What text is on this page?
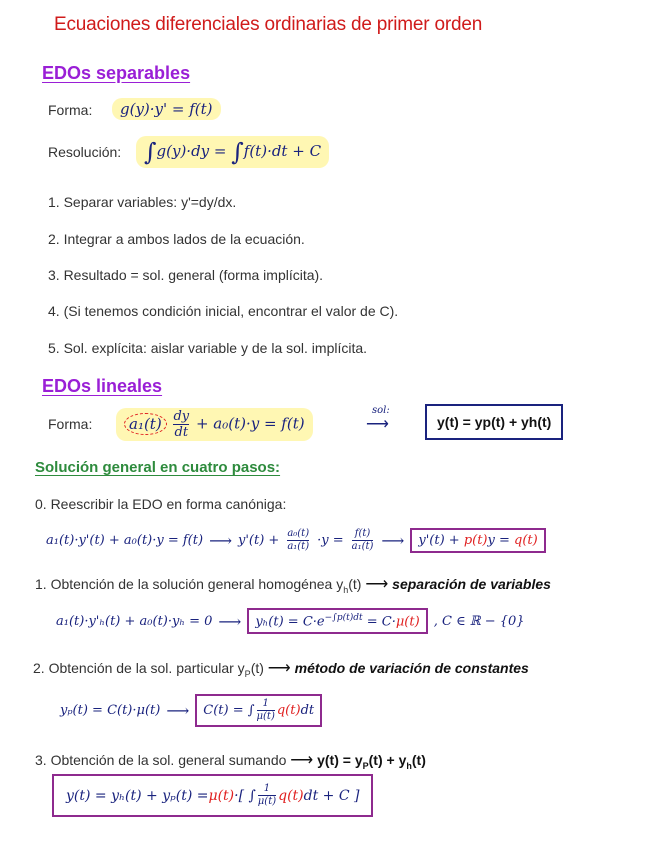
Ecuaciones diferenciales ordinarias de primer orden
EDOs separables
Forma:	g(y)·y' = f(t)
Resolución: ∫g(y)·dy = ∫f(t)·dt + C
1. Separar variables: y'=dy/dx.
2. Integrar a ambos lados de la ecuación.
3. Resultado = sol. general (forma implícita).
4. (Si tenemos condición inicial, encontrar el valor de C).
5. Sol. explícita: aislar variable y de la sol. implícita.
EDOs lineales
Forma:	$a_1(t) \frac{dy}{dt} + a_0(t)\cdot y = f(t)$
sol:
⟶	y(t) = yp(t) + yh(t)
Solución general en cuatro pasos:
0. Reescribir la EDO en forma canóniga:
a₁(t)·y'(t) + a₀(t)·y = f(t) ⟶ $y'(t) + \frac{\text{a₀(t)}}{\text{a₁(t)}} \cdot y = \frac{f(t)}{\text{a₁(t)}}$ ⟶	y'(t) + p(t)y = q(t)
1. Obtención de la solución general homogénea $y_h(t)$ ⟶ separación de variables
a₁(t)·y'ₕ(t) + a₀(t)·yₕ = 0 ⟶	$y_h(t) = C\cdot e^{-\int p(t)dt} = C\cdot\mu(t)$	, C ∈ ℝ − {0}
2. Obtención de la sol. particular $y_P(t)$ ⟶ método de variación de constantes
yₚ(t) = C(t)·μ(t) ⟶ C(t) = ∫ $\frac{1}{\mu(t)} q(t)$ dt
3. Obtención de la sol. general sumando ⟶ $y(t) = y_P(t) + y_h(t)$
y(t) = yₕ(t) + yₚ(t) = μ(t) ·[ ∫ $\frac{1}{\mu(t)} q(t)$ dt + C ]
